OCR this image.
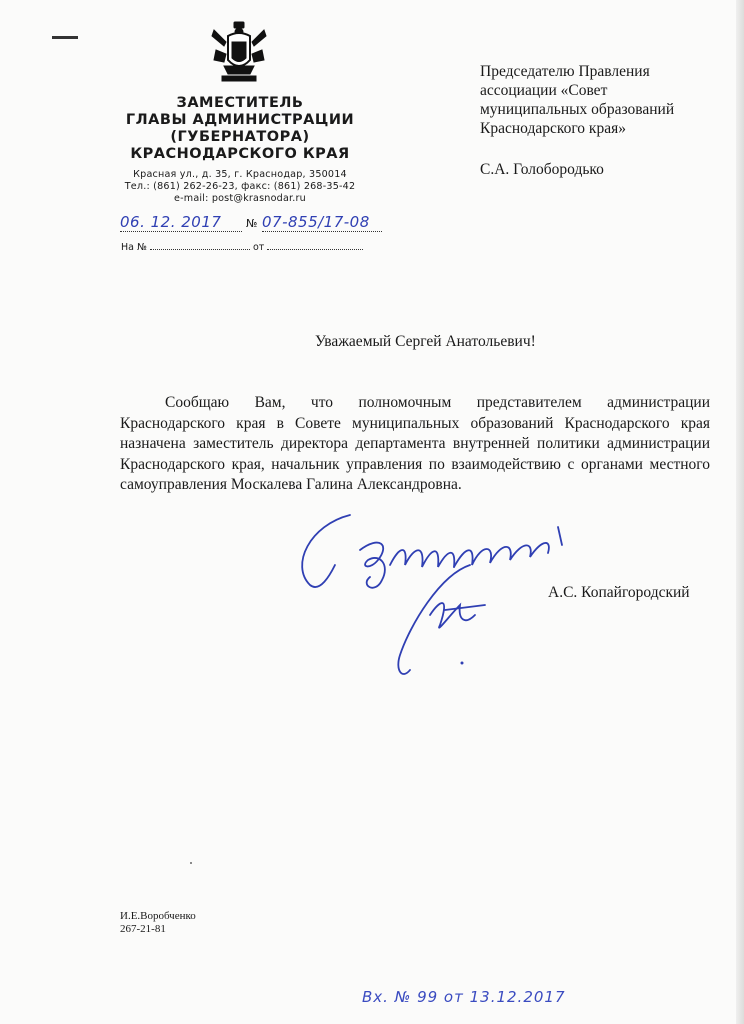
ЗАМЕСТИТЕЛЬ
ГЛАВЫ АДМИНИСТРАЦИИ
(ГУБЕРНАТОРА)
КРАСНОДАРСКОГО КРАЯ
Красная ул., д. 35, г. Краснодар, 350014
Тел.: (861) 262-26-23, факс: (861) 268-35-42
e-mail: post@krasnodar.ru
06. 12. 2017	№ 07-855/17-08
На №	от
Председателю Правления
ассоциации «Совет
муниципальных образований
Краснодарского края»
С.А. Голобородько
Уважаемый Сергей Анатольевич!
Сообщаю Вам, что полномочным представителем администрации Краснодарского края в Совете муниципальных образований Краснодарского края назначена заместитель директора департамента внутренней политики администрации Краснодарского края, начальник управления по взаимодействию с органами местного самоуправления Москалева Галина Александровна.
А.С. Копайгородский
И.Е.Воробченко
267-21-81
Вх. № 99 от 13.12.2017
